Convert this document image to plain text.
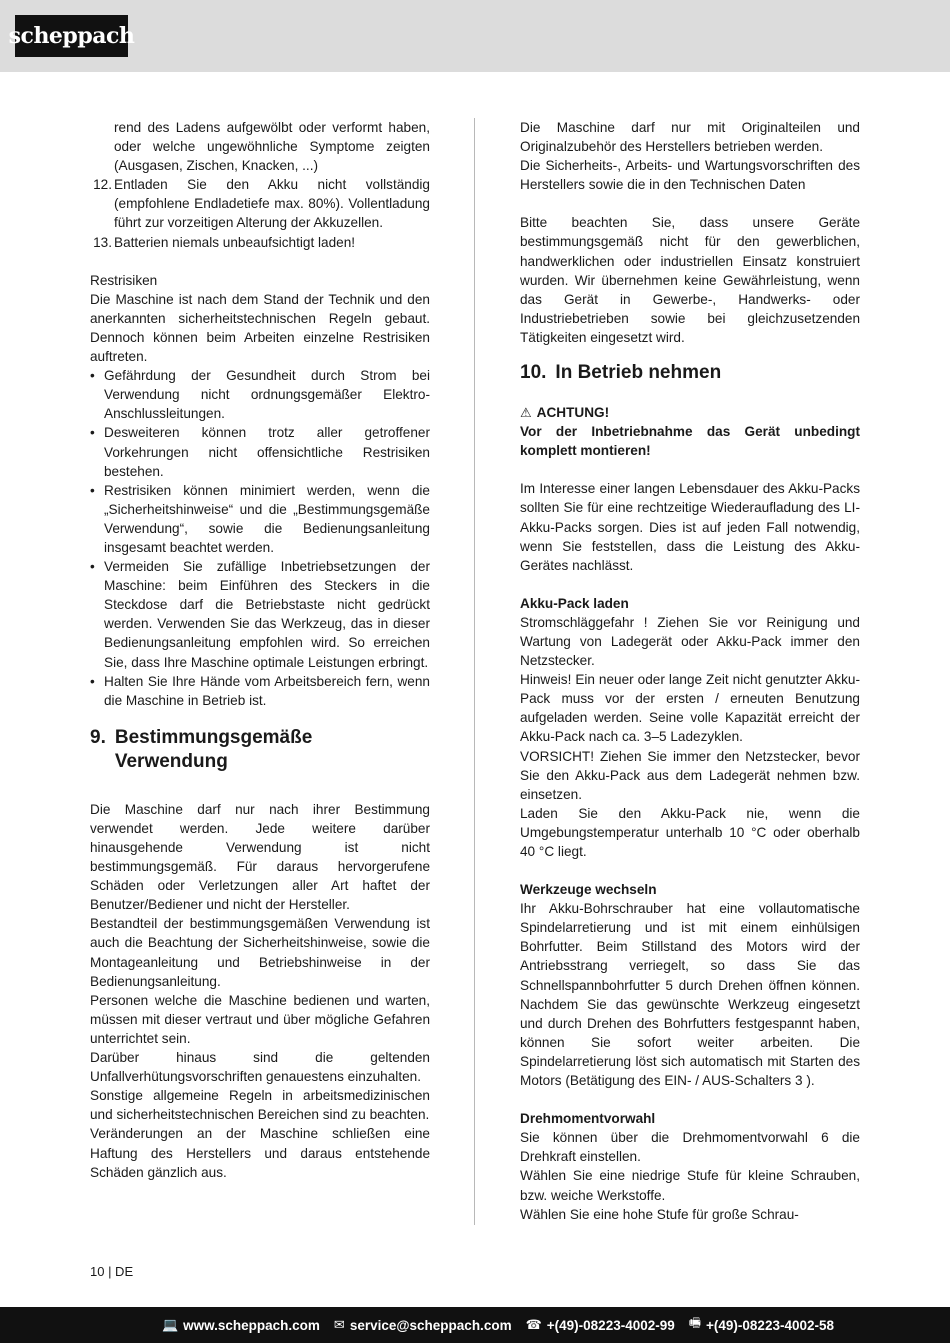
scheppach

rend des Ladens aufgewölbt oder verformt haben, oder welche ungewöhnliche Symptome zeigten (Ausgasen, Zischen, Knacken, ...)

12. Entladen Sie den Akku nicht vollständig (empfohlene Endladetiefe max. 80%). Vollentladung führt zur vorzeitigen Alterung der Akkuzellen.
13. Batterien niemals unbeaufsichtigt laden!

Restrisiken

Die Maschine ist nach dem Stand der Technik und den anerkannten sicherheitstechnischen Regeln gebaut. Dennoch können beim Arbeiten einzelne Restrisiken auftreten.

• Gefährdung der Gesundheit durch Strom bei Verwendung nicht ordnungsgemäßer Elektro-Anschlussleitungen.
• Desweiteren können trotz aller getroffener Vorkehrungen nicht offensichtliche Restrisiken bestehen.
• Restrisiken können minimiert werden, wenn die „Sicherheitshinweise“ und die „Bestimmungsgemäße Verwendung“, sowie die Bedienungsanleitung insgesamt beachtet werden.
• Vermeiden Sie zufällige Inbetriebsetzungen der Maschine: beim Einführen des Steckers in die Steckdose darf die Betriebstaste nicht gedrückt werden. Verwenden Sie das Werkzeug, das in dieser Bedienungsanleitung empfohlen wird. So erreichen Sie, dass Ihre Maschine optimale Leistungen erbringt.
• Halten Sie Ihre Hände vom Arbeitsbereich fern, wenn die Maschine in Betrieb ist.
9. Bestimmungsgemäße Verwendung

Die Maschine darf nur nach ihrer Bestimmung verwendet werden. Jede weitere darüber hinausgehende Verwendung ist nicht bestimmungsgemäß. Für daraus hervorgerufene Schäden oder Verletzungen aller Art haftet der Benutzer/Bediener und nicht der Hersteller.

Bestandteil der bestimmungsgemäßen Verwendung ist auch die Beachtung der Sicherheitshinweise, sowie die Montageanleitung und Betriebshinweise in der Bedienungsanleitung.

Personen welche die Maschine bedienen und warten, müssen mit dieser vertraut und über mögliche Gefahren unterrichtet sein.

Darüber hinaus sind die geltenden Unfallverhütungsvorschriften genauestens einzuhalten.

Sonstige allgemeine Regeln in arbeitsmedizinischen und sicherheitstechnischen Bereichen sind zu beachten.

Veränderungen an der Maschine schließen eine Haftung des Herstellers und daraus entstehende Schäden gänzlich aus.

Die Maschine darf nur mit Originalteilen und Originalzubehör des Herstellers betrieben werden.

Die Sicherheits-, Arbeits- und Wartungsvorschriften des Herstellers sowie die in den Technischen Daten

Bitte beachten Sie, dass unsere Geräte bestimmungsgemäß nicht für den gewerblichen, handwerklichen oder industriellen Einsatz konstruiert wurden. Wir übernehmen keine Gewährleistung, wenn das Gerät in Gewerbe-, Handwerks- oder Industriebetrieben sowie bei gleichzusetzenden Tätigkeiten eingesetzt wird.

10. In Betrieb nehmen
⚠ ACHTUNG!

Vor der Inbetriebnahme das Gerät unbedingt komplett montieren!

Im Interesse einer langen Lebensdauer des Akku-Packs sollten Sie für eine rechtzeitige Wiederaufladung des LI-Akku-Packs sorgen. Dies ist auf jeden Fall notwendig, wenn Sie feststellen, dass die Leistung des Akku-Gerätes nachlässt.

Akku-Pack laden

Stromschläggefahr ! Ziehen Sie vor Reinigung und Wartung von Ladegerät oder Akku-Pack immer den Netzstecker.

Hinweis! Ein neuer oder lange Zeit nicht genutzter Akku-Pack muss vor der ersten / erneuten Benutzung aufgeladen werden. Seine volle Kapazität erreicht der Akku-Pack nach ca. 3–5 Ladezyklen.

VORSICHT! Ziehen Sie immer den Netzstecker, bevor Sie den Akku-Pack aus dem Ladegerät nehmen bzw. einsetzen.

Laden Sie den Akku-Pack nie, wenn die Umgebungstemperatur unterhalb 10 °C oder oberhalb 40 °C liegt.

Werkzeuge wechseln

Ihr Akku-Bohrschrauber hat eine vollautomatische Spindelarretierung und ist mit einem einhülsigen Bohrfutter. Beim Stillstand des Motors wird der Antriebsstrang verriegelt, so dass Sie das Schnellspannbohrfutter 5 durch Drehen öffnen können. Nachdem Sie das gewünschte Werkzeug eingesetzt und durch Drehen des Bohrfutters festgespannt haben, können Sie sofort weiter arbeiten. Die Spindelarretierung löst sich automatisch mit Starten des Motors (Betätigung des EIN- / AUS-Schalters 3 ).

Drehmomentvorwahl

Sie können über die Drehmomentvorwahl 6 die Drehkraft einstellen.

Wählen Sie eine niedrige Stufe für kleine Schrauben, bzw. weiche Werkstoffe.

Wählen Sie eine hohe Stufe für große Schrau-

10 | DE
💻 www.scheppach.com ✉ service@scheppach.com ☎ +(49)-08223-4002-99 🖷 +(49)-08223-4002-58
